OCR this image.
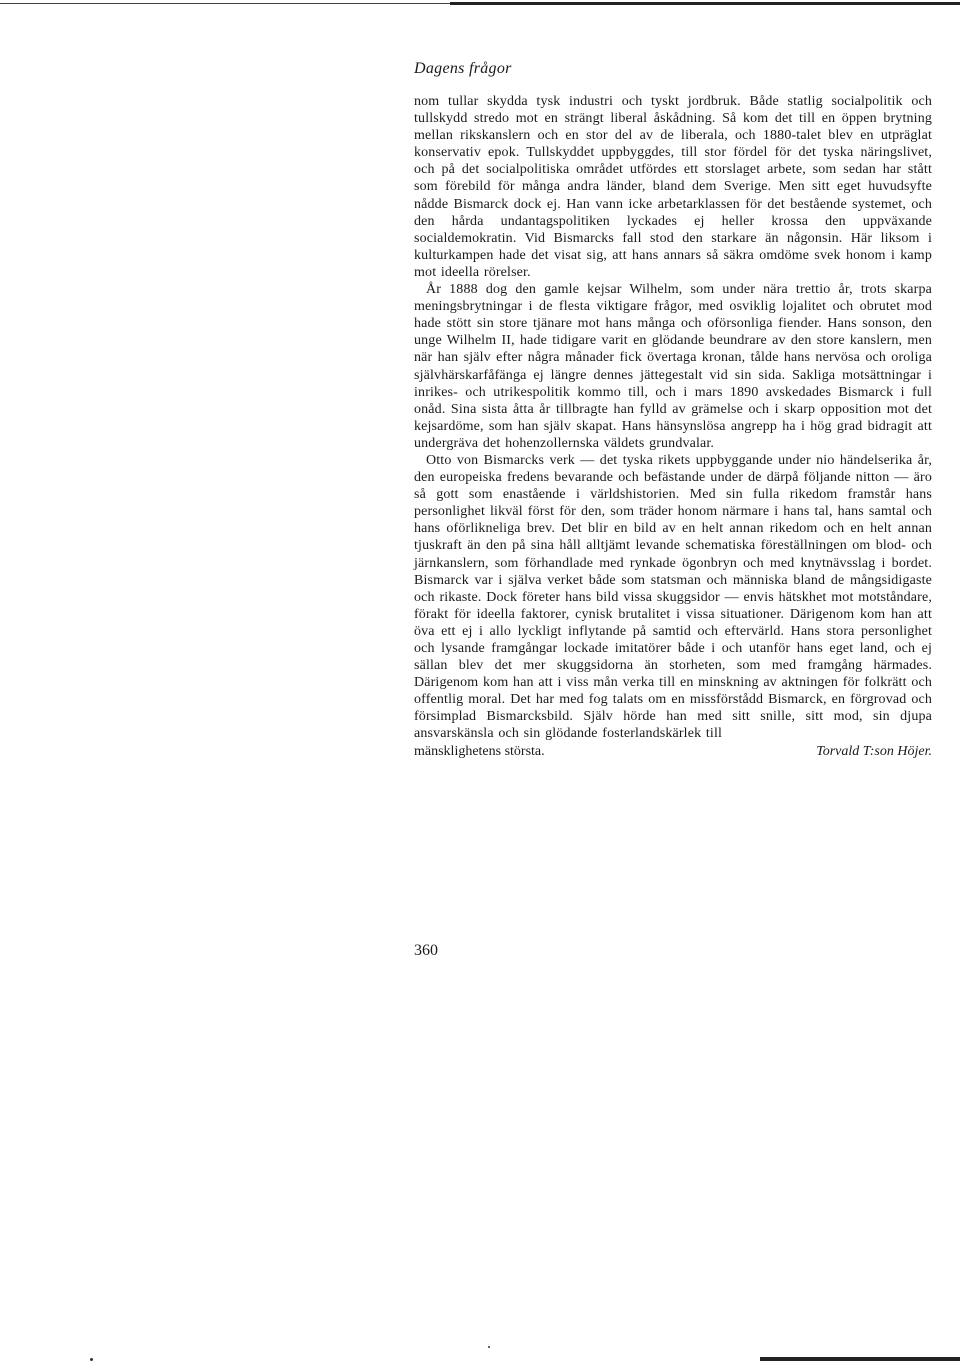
Dagens frågor

nom tullar skydda tysk industri och tyskt jordbruk. Både statlig socialpolitik och tullskydd stredo mot en strängt liberal åskådning. Så kom det till en öppen brytning mellan rikskanslern och en stor del av de liberala, och 1880-talet blev en utpräglat konservativ epok. Tullskyddet uppbyggdes, till stor fördel för det tyska näringslivet, och på det socialpolitiska området utfördes ett storslaget arbete, som sedan har stått som förebild för många andra länder, bland dem Sverige. Men sitt eget huvudsyfte nådde Bismarck dock ej. Han vann icke arbetarklassen för det bestående systemet, och den hårda undantagspolitiken lyckades ej heller krossa den uppväxande socialdemokratin. Vid Bismarcks fall stod den starkare än någonsin. Här liksom i kulturkampen hade det visat sig, att hans annars så säkra omdöme svek honom i kamp mot ideella rörelser.

År 1888 dog den gamle kejsar Wilhelm, som under nära trettio år, trots skarpa meningsbrytningar i de flesta viktigare frågor, med osviklig lojalitet och obrutet mod hade stött sin store tjänare mot hans många och oförsonliga fiender. Hans sonson, den unge Wilhelm II, hade tidigare varit en glödande beundrare av den store kanslern, men när han själv efter några månader fick övertaga kronan, tålde hans nervösa och oroliga självhärskarfåfänga ej längre dennes jättegestalt vid sin sida. Sakliga motsättningar i inrikes- och utrikespolitik kommo till, och i mars 1890 avskedades Bismarck i full onåd. Sina sista åtta år tillbragte han fylld av grämelse och i skarp opposition mot det kejsardöme, som han själv skapat. Hans hänsynslösa angrepp ha i hög grad bidragit att undergräva det hohenzollernska väldets grundvalar.

Otto von Bismarcks verk — det tyska rikets uppbyggande under nio händelserika år, den europeiska fredens bevarande och befästande under de därpå följande nitton — äro så gott som enastående i världshistorien. Med sin fulla rikedom framstår hans personlighet likväl först för den, som träder honom närmare i hans tal, hans samtal och hans oförlikneliga brev. Det blir en bild av en helt annan rikedom och en helt annan tjuskraft än den på sina håll alltjämt levande schematiska föreställningen om blod- och järnkanslern, som förhandlade med rynkade ögonbryn och med knytnävsslag i bordet. Bismarck var i själva verket både som statsman och människa bland de mångsidigaste och rikaste. Dock företer hans bild vissa skuggsidor — envis hätskhet mot motståndare, förakt för ideella faktorer, cynisk brutalitet i vissa situationer. Därigenom kom han att öva ett ej i allo lyckligt inflytande på samtid och eftervärld. Hans stora personlighet och lysande framgångar lockade imitatörer både i och utanför hans eget land, och ej sällan blev det mer skuggsidorna än storheten, som med framgång härmades. Därigenom kom han att i viss mån verka till en minskning av aktningen för folkrätt och offentlig moral. Det har med fog talats om en missförstådd Bismarck, en förgrovad och försimplad Bismarcksbild. Själv hörde han med sitt snille, sitt mod, sin djupa ansvarskänsla och sin glödande fosterlandskärlek till

mänsklighetens största.	Torvald T:son Höjer.
360
